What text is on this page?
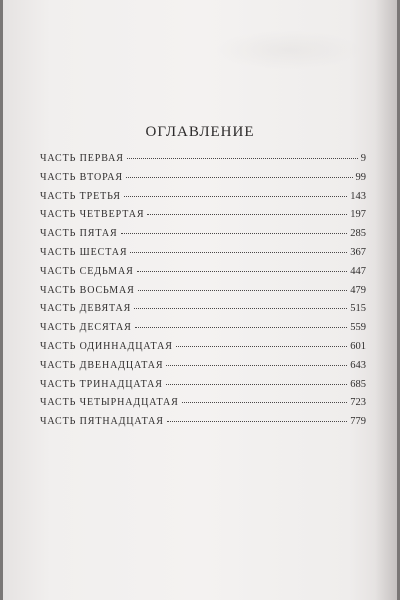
ОГЛАВЛЕНИЕ
ЧАСТЬ ПЕРВАЯ	9
ЧАСТЬ ВТОРАЯ	99
ЧАСТЬ ТРЕТЬЯ	143
ЧАСТЬ ЧЕТВЕРТАЯ	197
ЧАСТЬ ПЯТАЯ	285
ЧАСТЬ ШЕСТАЯ	367
ЧАСТЬ СЕДЬМАЯ	447
ЧАСТЬ ВОСЬМАЯ	479
ЧАСТЬ ДЕВЯТАЯ	515
ЧАСТЬ ДЕСЯТАЯ	559
ЧАСТЬ ОДИННАДЦАТАЯ	601
ЧАСТЬ ДВЕНАДЦАТАЯ	643
ЧАСТЬ ТРИНАДЦАТАЯ	685
ЧАСТЬ ЧЕТЫРНАДЦАТАЯ	723
ЧАСТЬ ПЯТНАДЦАТАЯ	779
